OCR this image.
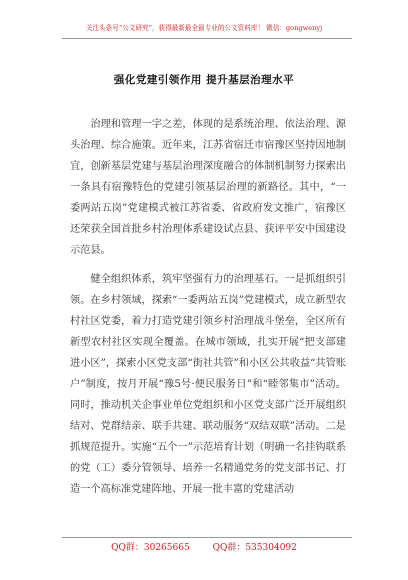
关注头条号“公文研究”，获得最新最全最专业的公文资料库！ 微信：gongwenyj
强化党建引领作用 提升基层治理水平

治理和管理一字之差，体现的是系统治理、依法治理、源头治理、综合施策。近年来，江苏省宿迁市宿豫区坚持因地制宜，创新基层党建与基层治理深度融合的体制机制努力探索出一条具有宿豫特色的党建引领基层治理的新路径。其中，“一委两站五岗”党建模式被江苏省委、省政府发文推广，宿豫区还荣获全国首批乡村治理体系建设试点县、获评平安中国建设示范县。

健全组织体系，筑牢坚强有力的治理基石。一是抓组织引领。在乡村领域，探索“一委两站五岗”党建模式，成立新型农村社区党委，着力打造党建引领乡村治理战斗堡垒，全区所有新型农村社区实现全覆盖。在城市领域，扎实开展“把支部建进小区”，探索小区党支部“街社共管”和小区公共收益“共管账户”制度，按月开展“豫5号·便民服务日”和“睦邻集市”活动。同时，推动机关企事业单位党组织和小区党支部广泛开展组织结对、党群结亲、联手共建、联动服务“双结双联”活动。二是抓规范提升。实施“五个一”示范培育计划（明确一名挂钩联系的党（工）委分管领导、培养一名精通党务的党支部书记、打造一个高标准党建阵地、开展一批丰富的党建活动

QQ群：30265665	QQ群：535304092
